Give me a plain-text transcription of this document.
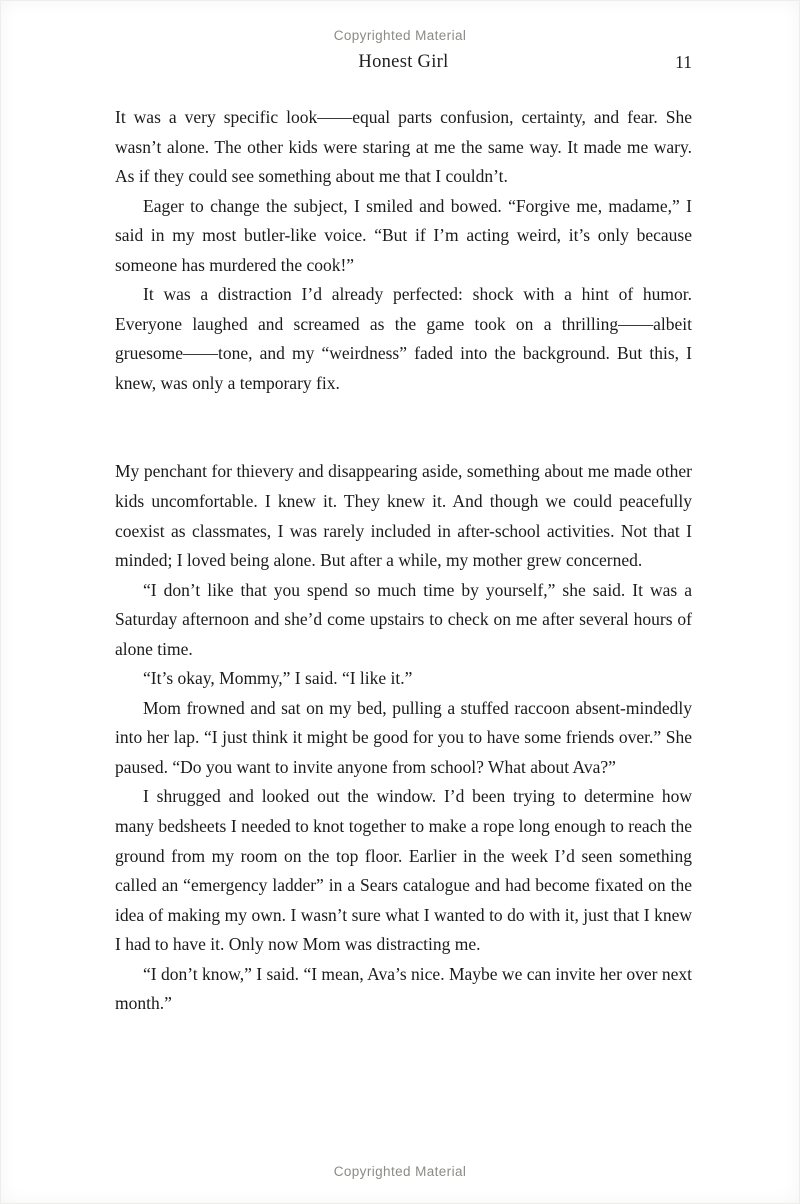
Copyrighted Material
Honest Girl	11

It was a very specific look——equal parts confusion, certainty, and fear. She wasn’t alone. The other kids were staring at me the same way. It made me wary. As if they could see something about me that I couldn’t.

Eager to change the subject, I smiled and bowed. “Forgive me, madame,” I said in my most butler-like voice. “But if I’m acting weird, it’s only because someone has murdered the cook!”

It was a distraction I’d already perfected: shock with a hint of humor. Everyone laughed and screamed as the game took on a thrilling——albeit gruesome——tone, and my “weirdness” faded into the background. But this, I knew, was only a temporary fix.

My penchant for thievery and disappearing aside, something about me made other kids uncomfortable. I knew it. They knew it. And though we could peacefully coexist as classmates, I was rarely included in after-school activities. Not that I minded; I loved being alone. But after a while, my mother grew concerned.

“I don’t like that you spend so much time by yourself,” she said. It was a Saturday afternoon and she’d come upstairs to check on me after several hours of alone time.

“It’s okay, Mommy,” I said. “I like it.”

Mom frowned and sat on my bed, pulling a stuffed raccoon absent-mindedly into her lap. “I just think it might be good for you to have some friends over.” She paused. “Do you want to invite anyone from school? What about Ava?”

I shrugged and looked out the window. I’d been trying to determine how many bedsheets I needed to knot together to make a rope long enough to reach the ground from my room on the top floor. Earlier in the week I’d seen something called an “emergency ladder” in a Sears catalogue and had become fixated on the idea of making my own. I wasn’t sure what I wanted to do with it, just that I knew I had to have it. Only now Mom was distracting me.

“I don’t know,” I said. “I mean, Ava’s nice. Maybe we can invite her over next month.”

Copyrighted Material
